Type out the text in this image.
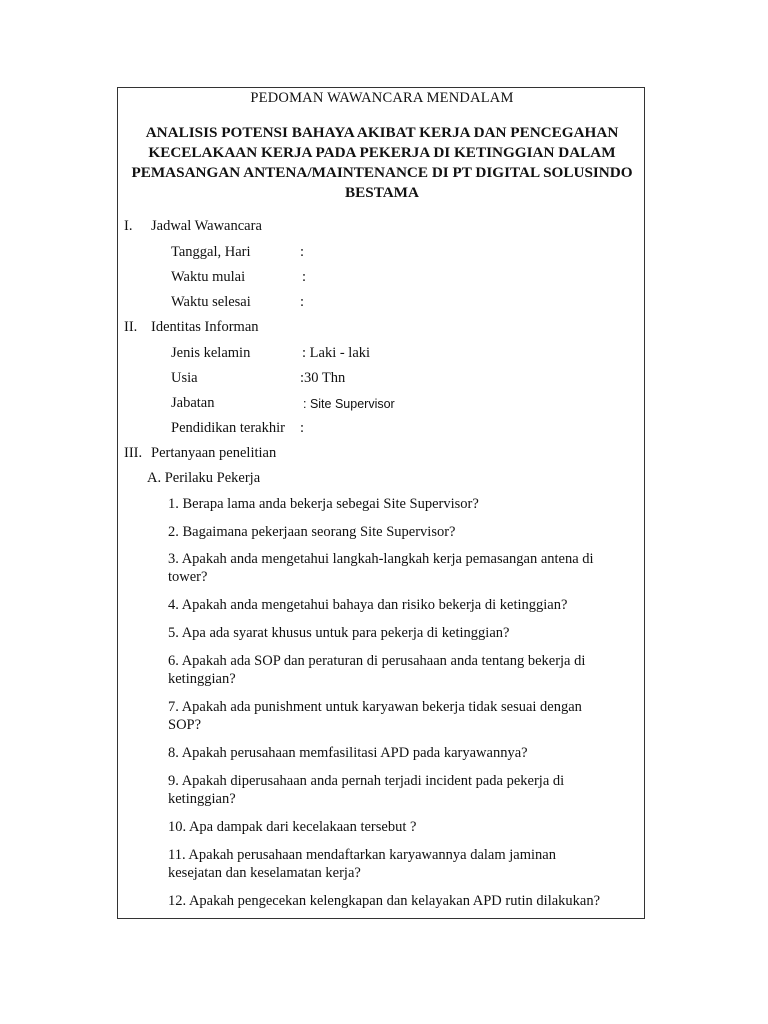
PEDOMAN WAWANCARA MENDALAM
ANALISIS POTENSI BAHAYA AKIBAT KERJA DAN PENCEGAHAN
KECELAKAAN KERJA PADA PEKERJA DI KETINGGIAN DALAM
PEMASANGAN ANTENA/MAINTENANCE DI PT DIGITAL SOLUSINDO
BESTAMA
I. Jadwal Wawancara
Tanggal, Hari	:
Waktu mulai	:
Waktu selesai	:
II. Identitas Informan
Jenis kelamin	: Laki - laki
Usia	:30 Thn
Jabatan	: Site Supervisor
Pendidikan terakhir :
III. Pertanyaan penelitian
A. Perilaku Pekerja
1. Berapa lama anda bekerja sebegai Site Supervisor?
2. Bagaimana pekerjaan seorang Site Supervisor?
3. Apakah anda mengetahui langkah-langkah kerja pemasangan antena di
tower?
4. Apakah anda mengetahui bahaya dan risiko bekerja di ketinggian?
5. Apa ada syarat khusus untuk para pekerja di ketinggian?
6. Apakah ada SOP dan peraturan di perusahaan anda tentang bekerja di
ketinggian?
7. Apakah ada punishment untuk karyawan bekerja tidak sesuai dengan
SOP?
8. Apakah perusahaan memfasilitasi APD pada karyawannya?
9. Apakah diperusahaan anda pernah terjadi incident pada pekerja di
ketinggian?
10. Apa dampak dari kecelakaan tersebut ?
11. Apakah perusahaan mendaftarkan karyawannya dalam jaminan
kesejatan dan keselamatan kerja?
12. Apakah pengecekan kelengkapan dan kelayakan APD rutin dilakukan?
